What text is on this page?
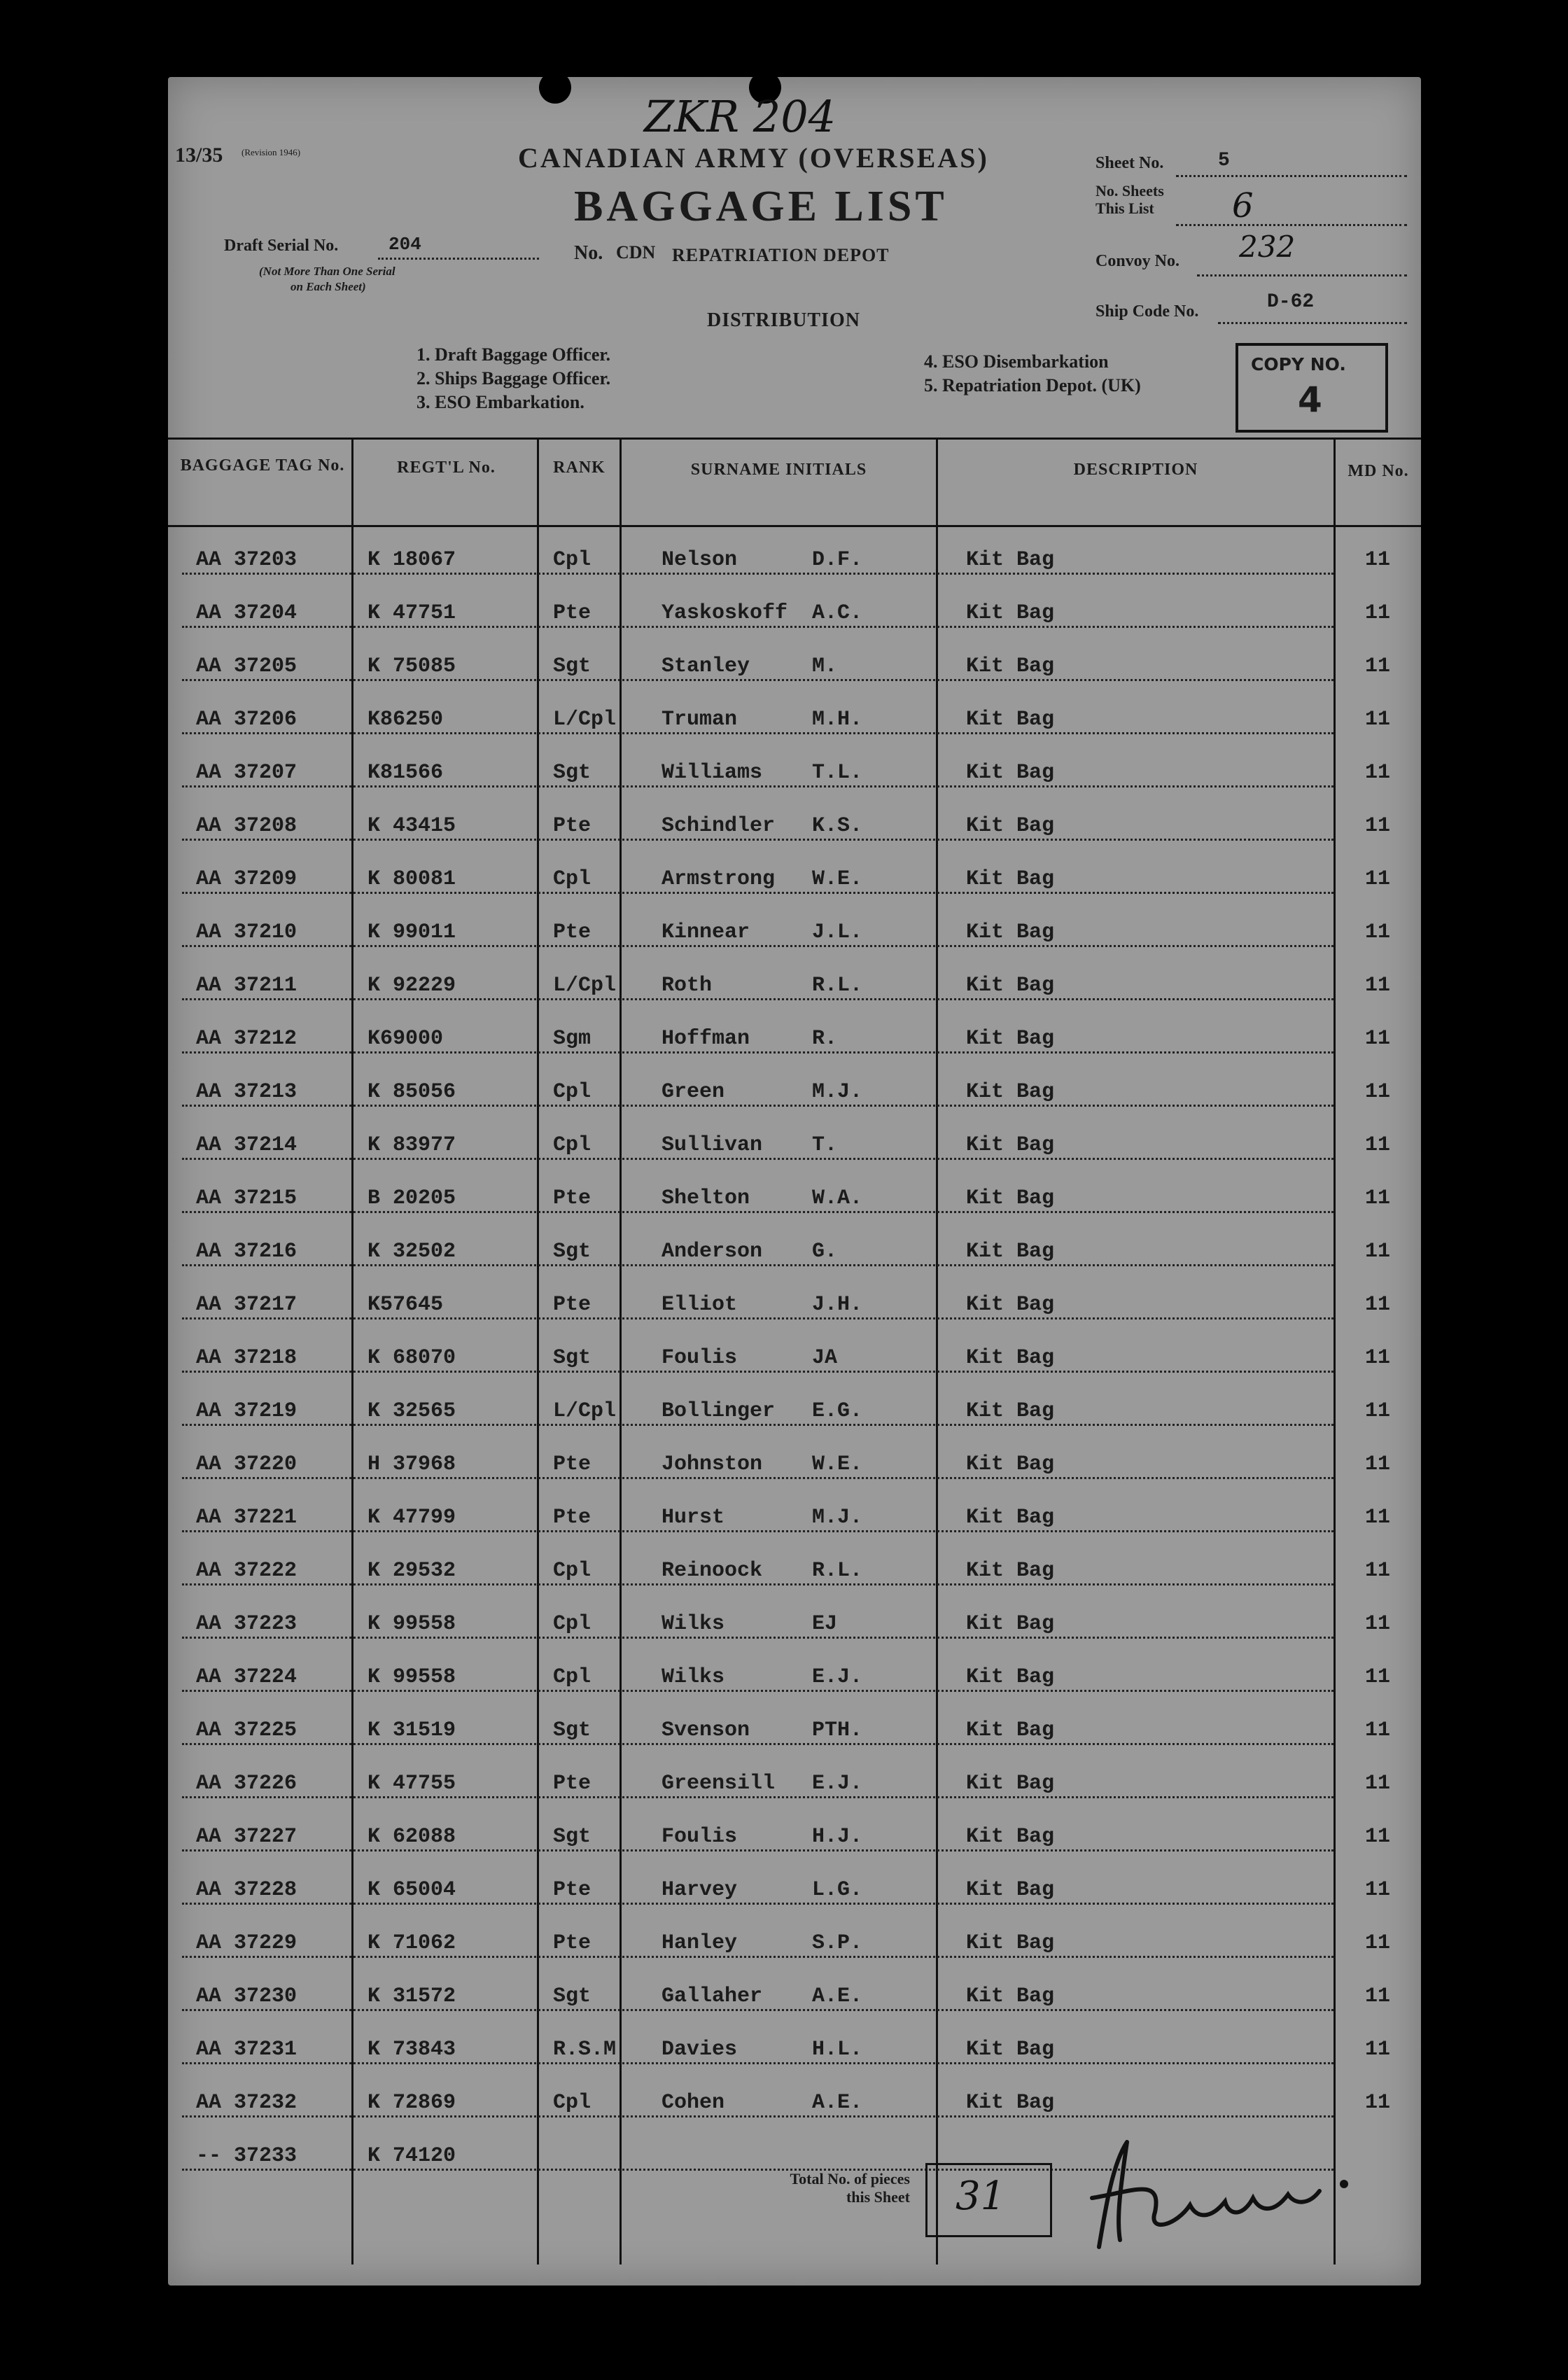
13/35 (Revision 1946)
ZKR 204
CANADIAN ARMY (OVERSEAS)
BAGGAGE LIST
Draft Serial No.	204
(Not More Than One Serial
on Each Sheet)
No. CDN REPATRIATION DEPOT
DISTRIBUTION
1. Draft Baggage Officer.
2. Ships Baggage Officer.
3. ESO Embarkation.
4. ESO Disembarkation
5. Repatriation Depot. (UK)
Sheet No.	5
No. Sheets
This List 6
232
Convoy No.
Ship Code No.	D-62
COPY NO.
4
BAGGAGE TAG No.	REGT'L No.	RANK	SURNAME INITIALS	DESCRIPTION	MD No.
AA 37203	K 18067	Cpl	Nelson	D.F.	Kit Bag	11
AA 37204	K 47751	Pte	Yaskoskoff A.C.	Kit Bag	11
AA 37205	K 75085	Sgt	Stanley	M.	Kit Bag	11
AA 37206	K86250	L/Cpl Truman	M.H.	Kit Bag	11
AA 37207	K81566	Sgt	Williams T.L.	Kit Bag	11
AA 37208	K 43415	Pte	Schindler K.S.	Kit Bag	11
AA 37209	K 80081	Cpl	Armstrong W.E.	Kit Bag	11
AA 37210	K 99011	Pte	Kinnear	J.L.	Kit Bag	11
AA 37211	K 92229	L/Cpl Roth	R.L.	Kit Bag	11
AA 37212	K69000	Sgm	Hoffman	R.	Kit Bag	11
AA 37213	K 85056	Cpl	Green	M.J.	Kit Bag	11
AA 37214	K 83977	Cpl	Sullivan T.	Kit Bag	11
AA 37215	B 20205	Pte	Shelton	W.A.	Kit Bag	11
AA 37216	K 32502	Sgt	Anderson G.	Kit Bag	11
AA 37217	K57645	Pte	Elliot	J.H.	Kit Bag	11
AA 37218	K 68070	Sgt	Foulis	JA	Kit Bag	11
AA 37219	K 32565	L/Cpl Bollinger E.G.	Kit Bag	11
AA 37220	H 37968	Pte	Johnston W.E.	Kit Bag	11
AA 37221	K 47799	Pte	Hurst	M.J.	Kit Bag	11
AA 37222	K 29532	Cpl	Reinoock R.L.	Kit Bag	11
AA 37223	K 99558	Cpl	Wilks	EJ	Kit Bag	11
AA 37224	K 99558	Cpl	Wilks	E.J.	Kit Bag	11
AA 37225	K 31519	Sgt	Svenson	PTH.	Kit Bag	11
AA 37226	K 47755	Pte	Greensill E.J.	Kit Bag	11
AA 37227	K 62088	Sgt	Foulis	H.J.	Kit Bag	11
AA 37228	K 65004	Pte	Harvey	L.G.	Kit Bag	11
AA 37229	K 71062	Pte	Hanley	S.P.	Kit Bag	11
AA 37230	K 31572	Sgt	Gallaher A.E.	Kit Bag	11
AA 37231	K 73843	R.S.M Davies	H.L.	Kit Bag	11
AA 37232	K 72869	Cpl	Cohen	A.E.	Kit Bag	11
-- 37233	K 74120
Total No. of pieces
this Sheet 31
